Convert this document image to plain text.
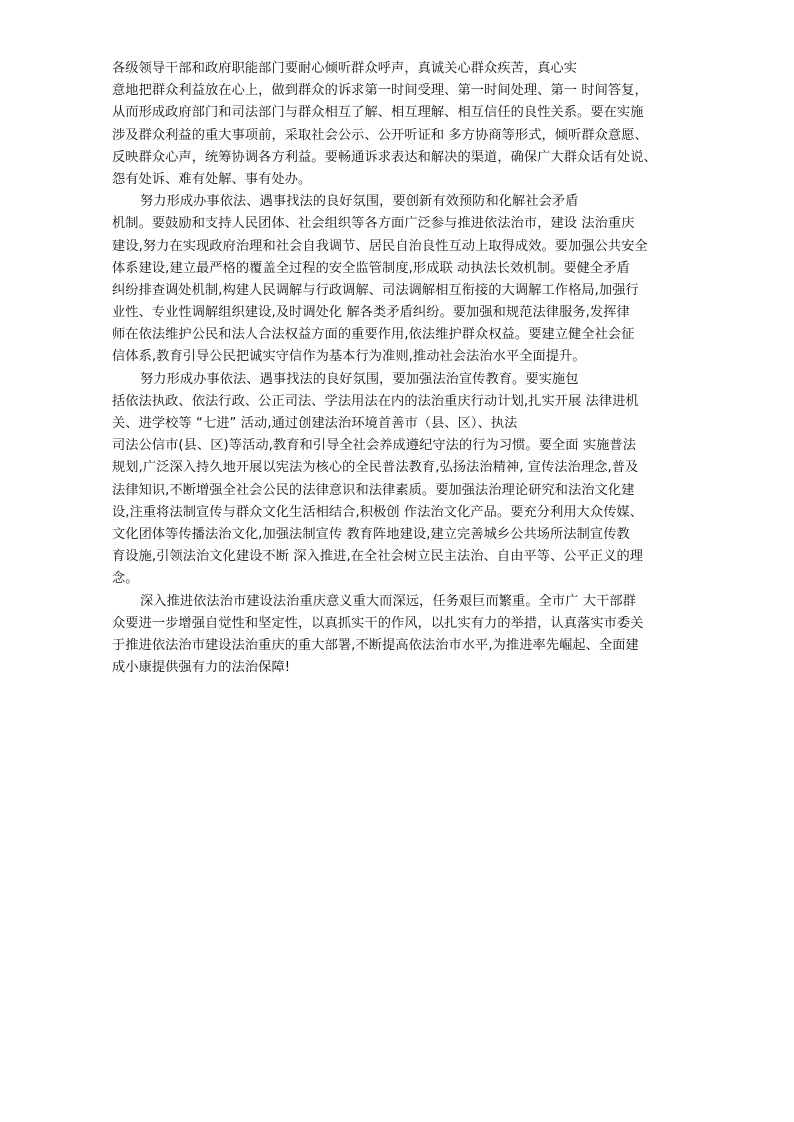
各级领导干部和政府职能部门要耐心倾听群众呼声，真诚关心群众疾苦，真心实
意地把群众利益放在心上，做到群众的诉求第一时间受理、第一时间处理、第一 时间答复，
从而形成政府部门和司法部门与群众相互了解、相互理解、相互信任的良性关系。要在实施
涉及群众利益的重大事项前，采取社会公示、公开听证和 多方协商等形式，倾听群众意愿、
反映群众心声，统筹协调各方利益。要畅通诉求表达和解决的渠道，确保广大群众话有处说、
怨有处诉、难有处解、事有处办。

努力形成办事依法、遇事找法的良好氛围，要创新有效预防和化解社会矛盾
机制。要鼓励和支持人民团体、社会组织等各方面广泛参与推进依法治市，建设 法治重庆
建设,努力在实现政府治理和社会自我调节、居民自治良性互动上取得成效。要加强公共安全
体系建设,建立最严格的覆盖全过程的安全监管制度,形成联 动执法长效机制。要健全矛盾
纠纷排查调处机制,构建人民调解与行政调解、司法调解相互衔接的大调解工作格局,加强行
业性、专业性调解组织建设,及时调处化 解各类矛盾纠纷。要加强和规范法律服务,发挥律
师在依法维护公民和法人合法权益方面的重要作用,依法维护群众权益。要建立健全社会征
信体系,教育引导公民把诚实守信作为基本行为准则,推动社会法治水平全面提升。

努力形成办事依法、遇事找法的良好氛围，要加强法治宣传教育。要实施包
括依法执政、依法行政、公正司法、学法用法在内的法治重庆行动计划,扎实开展 法律进机
关、进学校等 “七进” 活动,通过创建法治环境首善市（县、区）、执法
司法公信市(县、区)等活动,教育和引导全社会养成遵纪守法的行为习惯。要全面 实施普法
规划,广泛深入持久地开展以宪法为核心的全民普法教育,弘扬法治精神, 宣传法治理念,普及
法律知识,不断增强全社会公民的法律意识和法律素质。要加强法治理论研究和法治文化建
设,注重将法制宣传与群众文化生活相结合,积极创 作法治文化产品。要充分利用大众传媒、
文化团体等传播法治文化,加强法制宣传 教育阵地建设,建立完善城乡公共场所法制宣传教
育设施,引领法治文化建设不断 深入推进,在全社会树立民主法治、自由平等、公平正义的理
念。

深入推进依法治市建设法治重庆意义重大而深远，任务艰巨而繁重。全市广 大干部群
众要进一步增强自觉性和坚定性，以真抓实干的作风，以扎实有力的举措，认真落实市委关
于推进依法治市建设法治重庆的重大部署,不断提高依法治市水平,为推进率先崛起、全面建
成小康提供强有力的法治保障!
